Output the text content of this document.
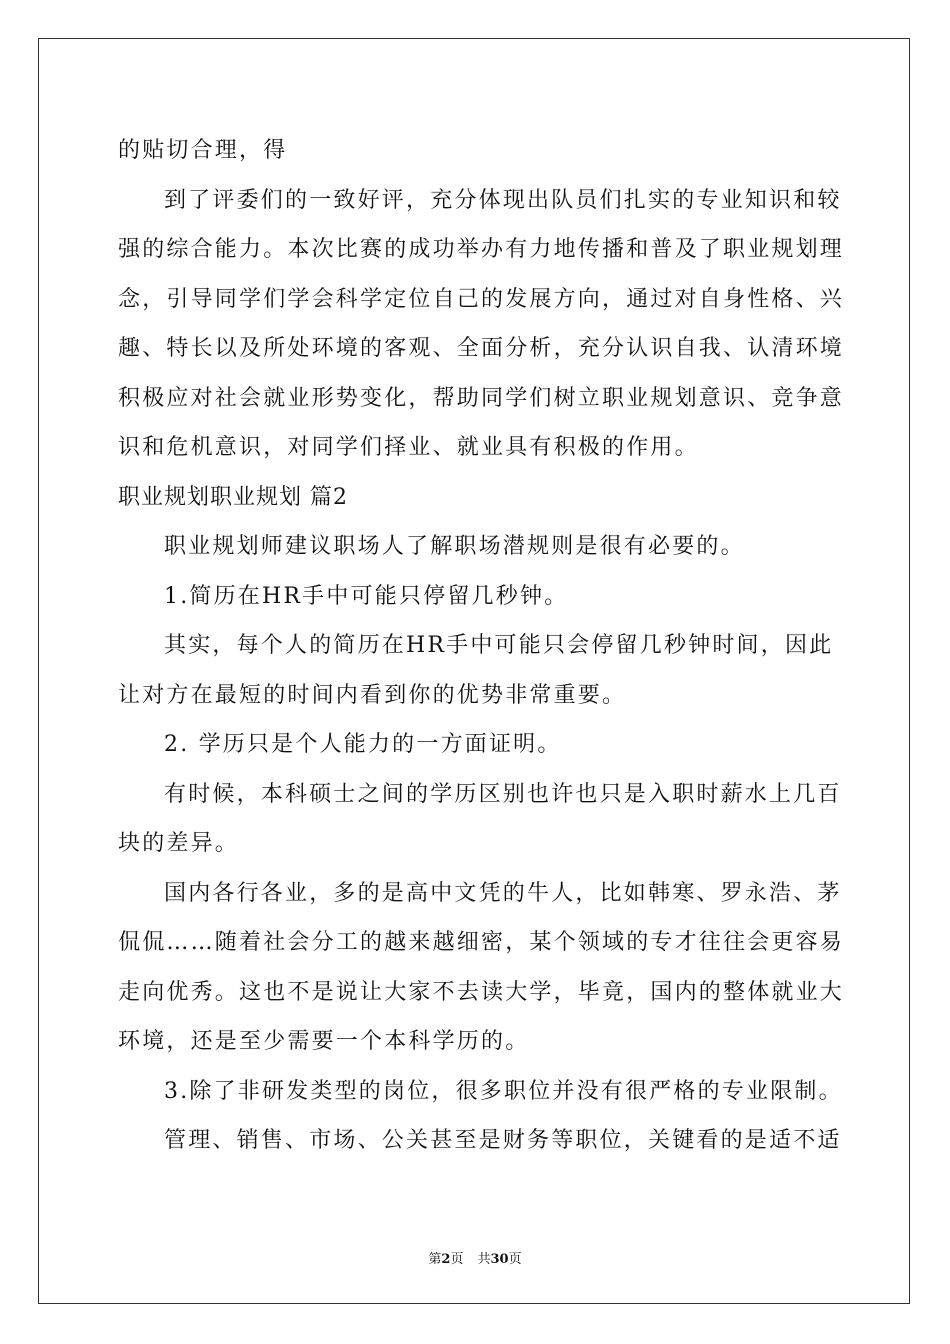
的贴切合理，得
到了评委们的一致好评，充分体现出队员们扎实的专业知识和较
强的综合能力。本次比赛的成功举办有力地传播和普及了职业规划理
念，引导同学们学会科学定位自己的发展方向，通过对自身性格、兴
趣、特长以及所处环境的客观、全面分析，充分认识自我、认清环境
积极应对社会就业形势变化，帮助同学们树立职业规划意识、竞争意
识和危机意识，对同学们择业、就业具有积极的作用。
职业规划职业规划 篇2
职业规划师建议职场人了解职场潜规则是很有必要的。
1.简历在HR手中可能只停留几秒钟。
其实，每个人的简历在HR手中可能只会停留几秒钟时间，因此
让对方在最短的时间内看到你的优势非常重要。
2. 学历只是个人能力的一方面证明。
有时候，本科硕士之间的学历区别也许也只是入职时薪水上几百
块的差异。
国内各行各业，多的是高中文凭的牛人，比如韩寒、罗永浩、茅
侃侃……随着社会分工的越来越细密，某个领域的专才往往会更容易
走向优秀。这也不是说让大家不去读大学，毕竟，国内的整体就业大
环境，还是至少需要一个本科学历的。
3.除了非研发类型的岗位，很多职位并没有很严格的专业限制。
管理、销售、市场、公关甚至是财务等职位，关键看的是适不适
第2页 共30页
